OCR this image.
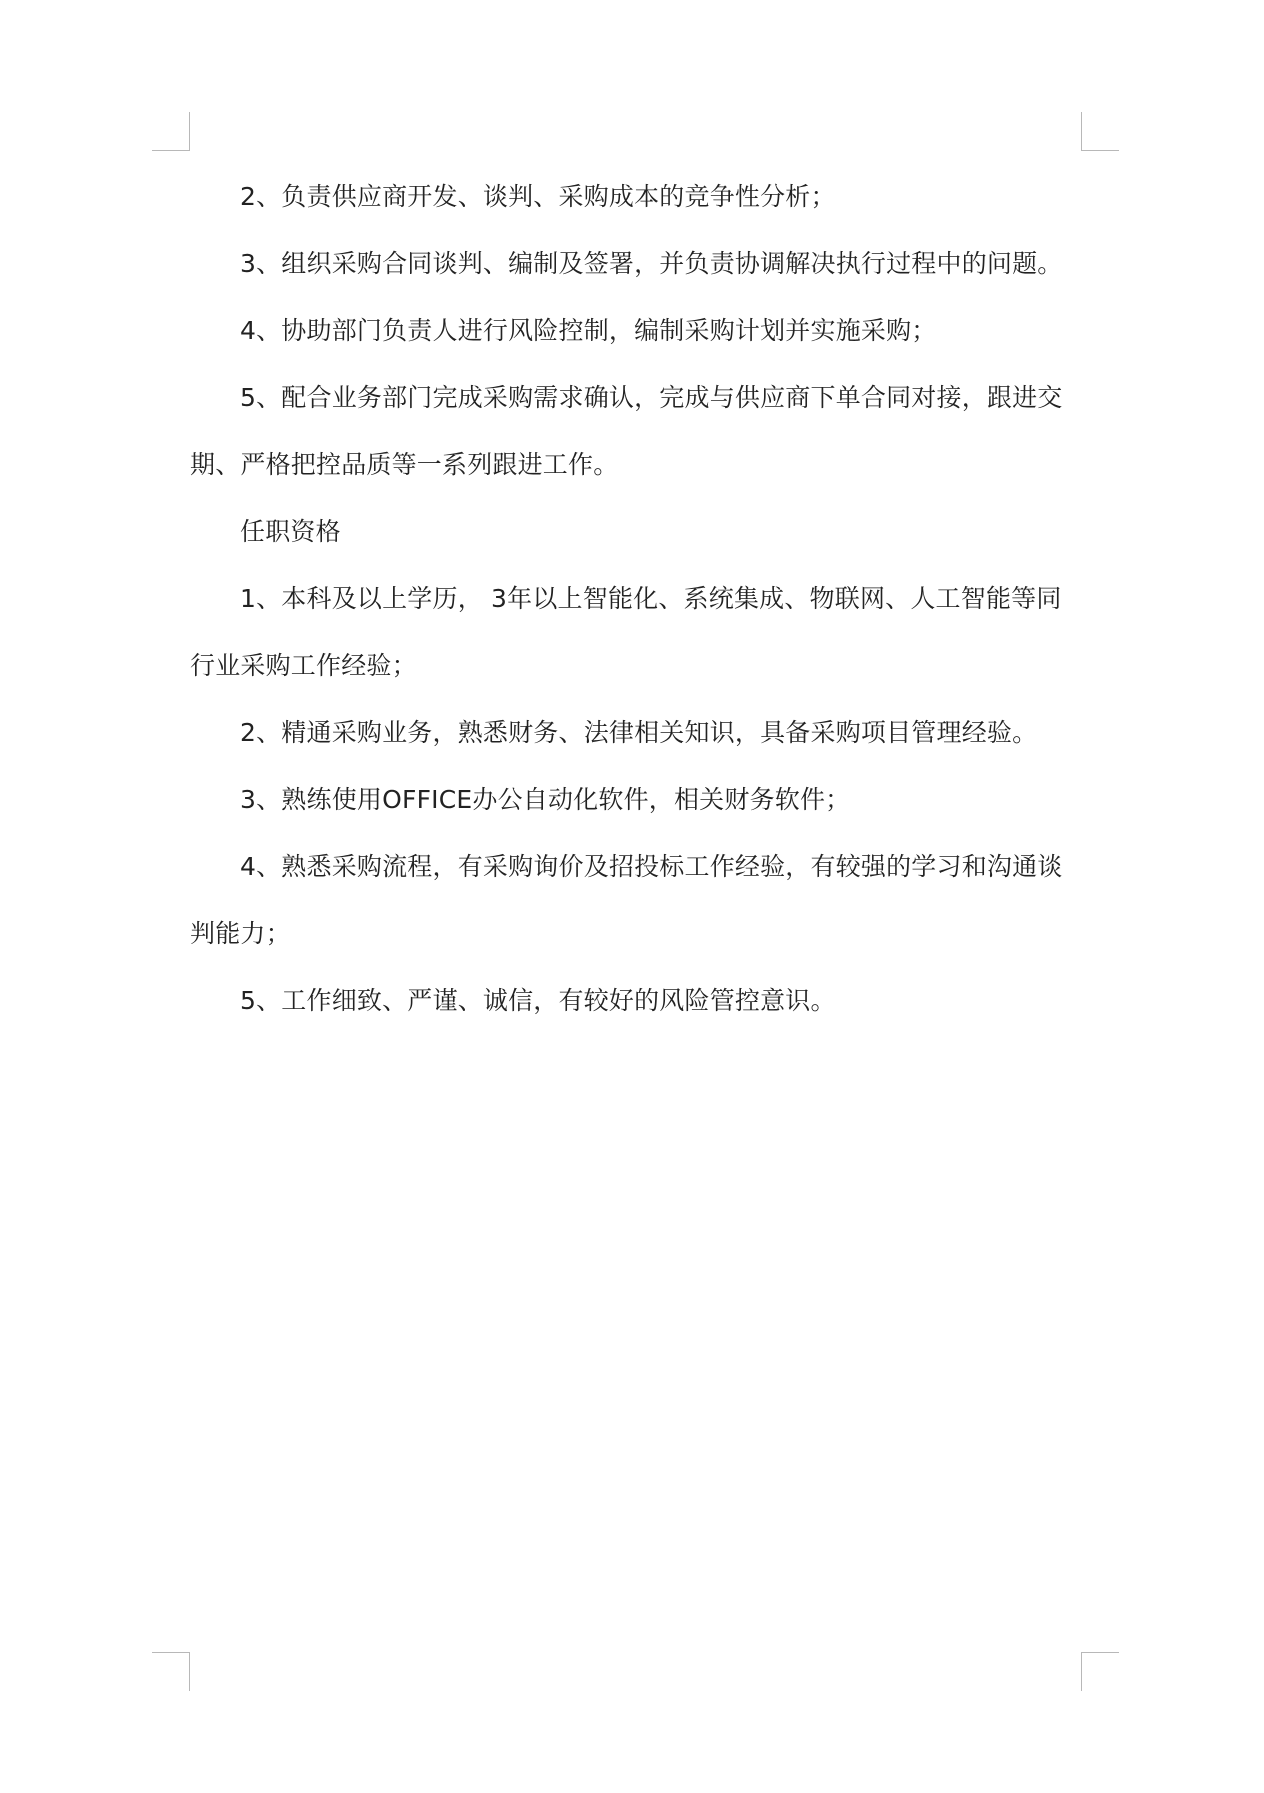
2、负责供应商开发、谈判、采购成本的竞争性分析；

3、组织采购合同谈判、编制及签署，并负责协调解决执行过程中的问题。

4、协助部门负责人进行风险控制，编制采购计划并实施采购；

5、配合业务部门完成采购需求确认，完成与供应商下单合同对接，跟进交期、严格把控品质等一系列跟进工作。

任职资格

1、本科及以上学历， 3年以上智能化、系统集成、物联网、人工智能等同行业采购工作经验；

2、精通采购业务，熟悉财务、法律相关知识，具备采购项目管理经验。

3、熟练使用OFFICE办公自动化软件，相关财务软件；

4、熟悉采购流程，有采购询价及招投标工作经验，有较强的学习和沟通谈判能力；

5、工作细致、严谨、诚信，有较好的风险管控意识。
